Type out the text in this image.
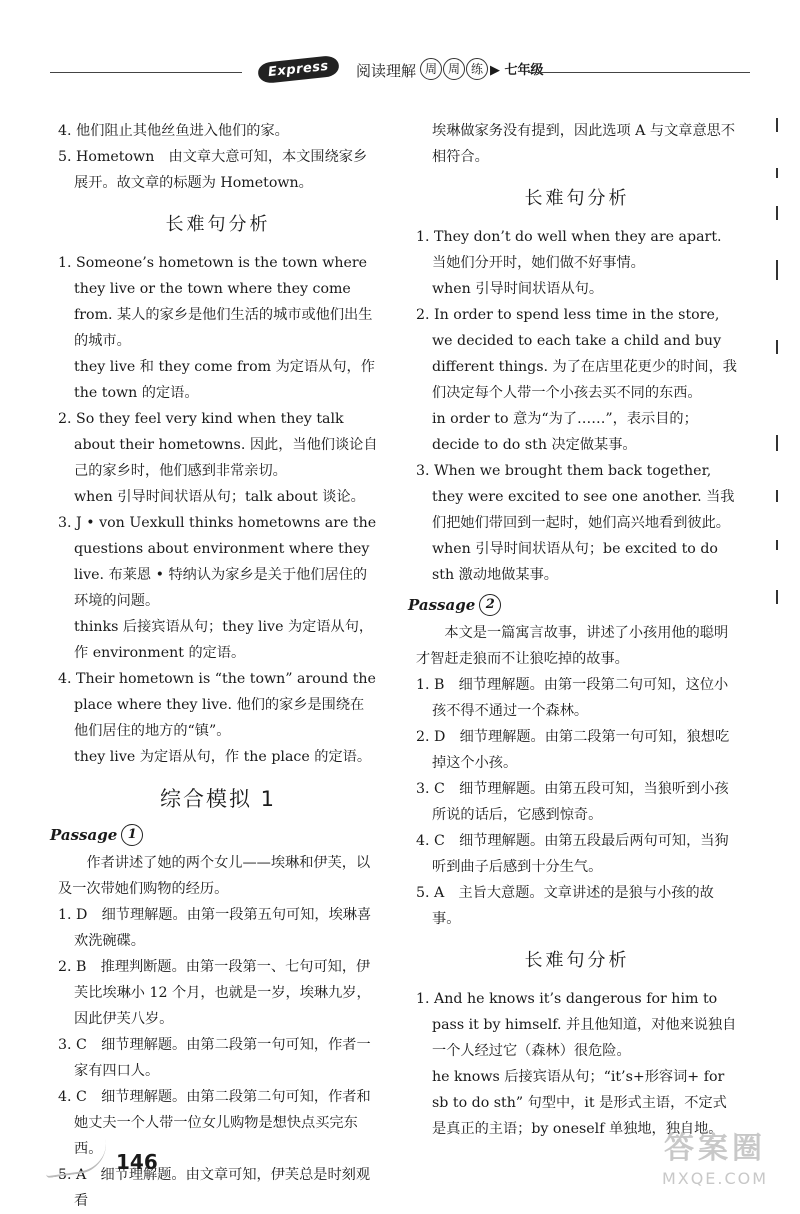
Express	阅读理解 周 周 练 ▶ 七年级

4. 他们阻止其他丝鱼进入他们的家。

5. Hometown　由文章大意可知，本文围绕家乡展开。故文章的标题为 Hometown。

长难句分析

1. Someone’s hometown is the town where they live or the town where they come from. 某人的家乡是他们生活的城市或他们出生的城市。

they live 和 they come from 为定语从句，作 the town 的定语。

2. So they feel very kind when they talk about their hometowns. 因此，当他们谈论自己的家乡时，他们感到非常亲切。

when 引导时间状语从句；talk about 谈论。

3. J • von Uexkull thinks hometowns are the questions about environment where they live. 布莱恩 • 特纳认为家乡是关于他们居住的环境的问题。

thinks 后接宾语从句；they live 为定语从句，作 environment 的定语。

4. Their hometown is “the town” around the place where they live. 他们的家乡是围绕在他们居住的地方的“镇”。

they live 为定语从句，作 the place 的定语。

综合模拟 1
Passage 1

作者讲述了她的两个女儿——埃琳和伊芙，以及一次带她们购物的经历。

1. D　细节理解题。由第一段第五句可知，埃琳喜欢洗碗碟。

2. B　推理判断题。由第一段第一、七句可知，伊芙比埃琳小 12 个月，也就是一岁，埃琳九岁，因此伊芙八岁。

3. C　细节理解题。由第二段第一句可知，作者一家有四口人。

4. C　细节理解题。由第二段第二句可知，作者和她丈夫一个人带一位女儿购物是想快点买完东西。

5. A　细节理解题。由文章可知，伊芙总是时刻观看

埃琳做家务没有提到，因此选项 A 与文章意思不相符合。

长难句分析

1. They don’t do well when they are apart. 当她们分开时，她们做不好事情。

when 引导时间状语从句。

2. In order to spend less time in the store, we decided to each take a child and buy different things. 为了在店里花更少的时间，我们决定每个人带一个小孩去买不同的东西。

in order to 意为“为了……”，表示目的；decide to do sth 决定做某事。

3. When we brought them back together, they were excited to see one another. 当我们把她们带回到一起时，她们高兴地看到彼此。

when 引导时间状语从句；be excited to do sth 激动地做某事。

Passage 2

本文是一篇寓言故事，讲述了小孩用他的聪明才智赶走狼而不让狼吃掉的故事。

1. B　细节理解题。由第一段第二句可知，这位小孩不得不通过一个森林。

2. D　细节理解题。由第二段第一句可知，狼想吃掉这个小孩。

3. C　细节理解题。由第五段可知，当狼听到小孩所说的话后，它感到惊奇。

4. C　细节理解题。由第五段最后两句可知，当狗听到曲子后感到十分生气。

5. A　主旨大意题。文章讲述的是狼与小孩的故事。

长难句分析

1. And he knows it’s dangerous for him to pass it by himself. 并且他知道，对他来说独自一个人经过它（森林）很危险。

he knows 后接宾语从句；“it’s+形容词+ for sb to do sth” 句型中，it 是形式主语，不定式是真正的主语；by oneself 单独地，独自地。

146	答案圈
MXQE.COM
